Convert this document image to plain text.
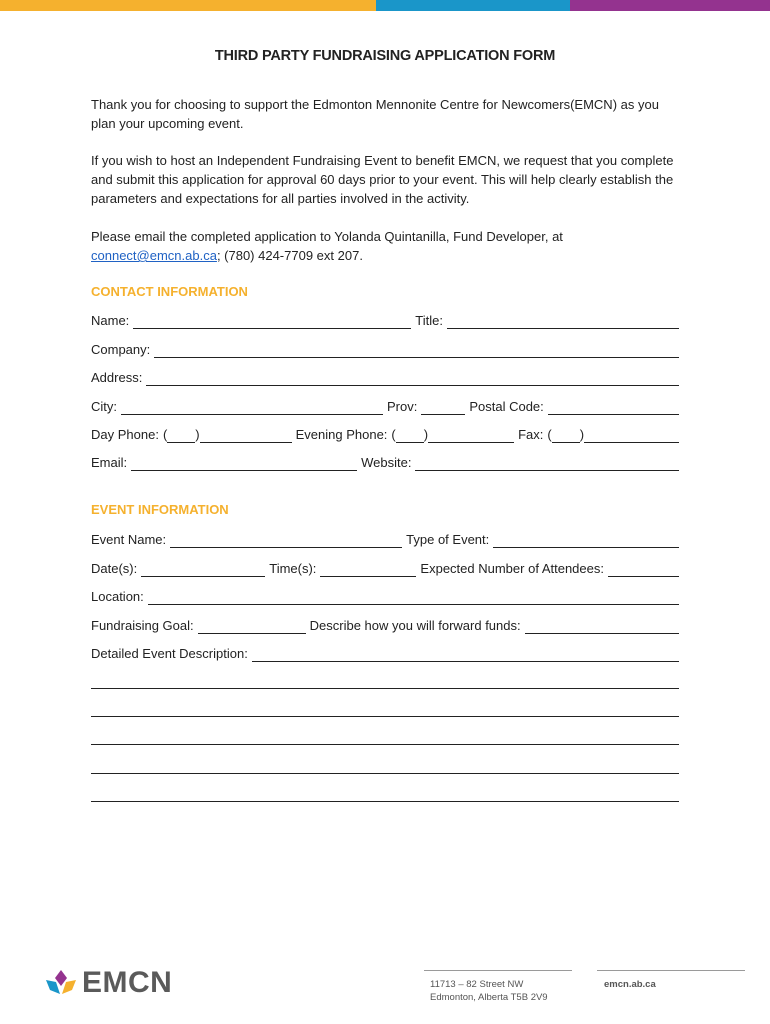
THIRD PARTY FUNDRAISING APPLICATION FORM

Thank you for choosing to support the Edmonton Mennonite Centre for Newcomers(EMCN) as you plan your upcoming event.

If you wish to host an Independent Fundraising Event to benefit EMCN, we request that you complete and submit this application for approval 60 days prior to your event. This will help clearly establish the parameters and expectations for all parties involved in the activity.

Please email the completed application to Yolanda Quintanilla, Fund Developer, at
connect@emcn.ab.ca; (780) 424-7709 ext 207.

CONTACT INFORMATION
Name:	Title:
Company:
Address:
City:	Prov:	Postal Code:
Day Phone: ( )	Evening Phone: ( )	Fax: ( )
Email:	Website:
EVENT INFORMATION
Event Name:	Type of Event:
Date(s):	Time(s):	Expected Number of Attendees:
Location:
Fundraising Goal:	Describe how you will forward funds:
Detailed Event Description:
EMCN	11713 – 82 Street NW
Edmonton, Alberta T5B 2V9
emcn.ab.ca
